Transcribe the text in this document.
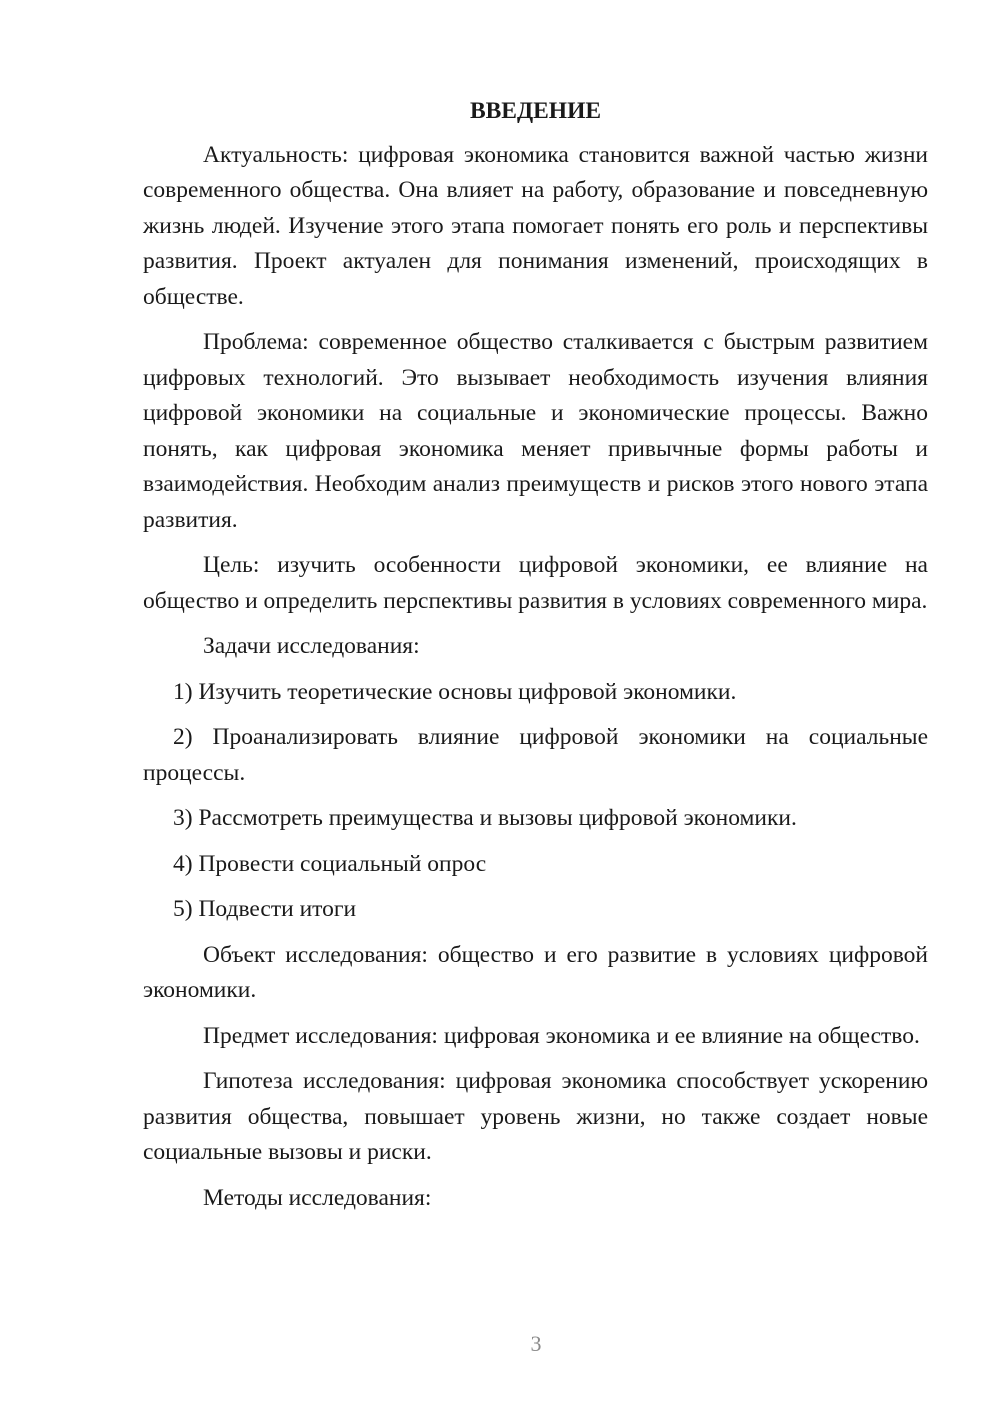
ВВЕДЕНИЕ

Актуальность: цифровая экономика становится важной частью жизни современного общества. Она влияет на работу, образование и повседневную жизнь людей. Изучение этого этапа помогает понять его роль и перспективы развития. Проект актуален для понимания изменений, происходящих в обществе.

Проблема: современное общество сталкивается с быстрым развитием цифровых технологий. Это вызывает необходимость изучения влияния цифровой экономики на социальные и экономические процессы. Важно понять, как цифровая экономика меняет привычные формы работы и взаимодействия. Необходим анализ преимуществ и рисков этого нового этапа развития.

Цель: изучить особенности цифровой экономики, ее влияние на общество и определить перспективы развития в условиях современного мира.

Задачи исследования:

1) Изучить теоретические основы цифровой экономики.

2) Проанализировать влияние цифровой экономики на социальные процессы.

3) Рассмотреть преимущества и вызовы цифровой экономики.

4) Провести социальный опрос

5) Подвести итоги

Объект исследования: общество и его развитие в условиях цифровой экономики.

Предмет исследования: цифровая экономика и ее влияние на общество.

Гипотеза исследования: цифровая экономика способствует ускорению развития общества, повышает уровень жизни, но также создает новые социальные вызовы и риски.

Методы исследования:

3
